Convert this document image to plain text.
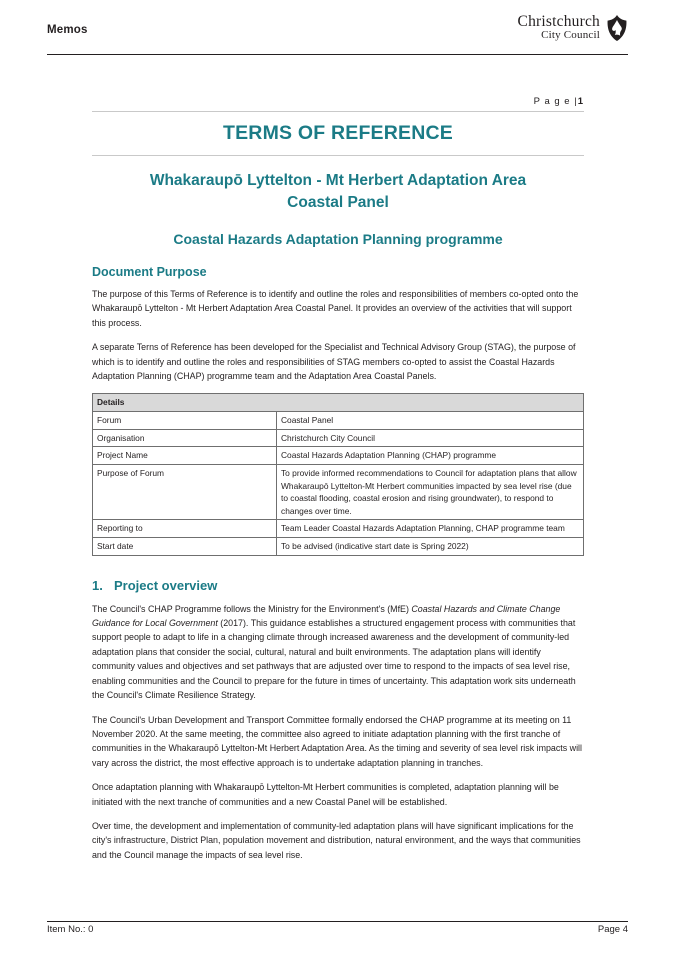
Memos	Christchurch
City Council
P a g e |1
TERMS OF REFERENCE
Whakaraupō Lyttelton - Mt Herbert Adaptation Area
Coastal Panel
Coastal Hazards Adaptation Planning programme
Document Purpose

The purpose of this Terms of Reference is to identify and outline the roles and responsibilities of members co-opted onto the Whakaraupō Lyttelton - Mt Herbert Adaptation Area Coastal Panel. It provides an overview of the activities that will support this process.

A separate Terns of Reference has been developed for the Specialist and Technical Advisory Group (STAG), the purpose of which is to identify and outline the roles and responsibilities of STAG members co-opted to assist the Coastal Hazards Adaptation Planning (CHAP) programme team and the Adaptation Area Coastal Panels.

Details	
Forum	Coastal Panel
Organisation	Christchurch City Council
Project Name	Coastal Hazards Adaptation Planning (CHAP) programme
Purpose of Forum	To provide informed recommendations to Council for adaptation plans that allow Whakaraupō Lyttelton-Mt Herbert communities impacted by sea level rise (due to coastal flooding, coastal erosion and rising groundwater), to respond to changes over time.
Reporting to	Team Leader Coastal Hazards Adaptation Planning, CHAP programme team
Start date	To be advised (indicative start date is Spring 2022)
1. Project overview

The Council's CHAP Programme follows the Ministry for the Environment's (MfE) Coastal Hazards and Climate Change Guidance for Local Government (2017). This guidance establishes a structured engagement process with communities that support people to adapt to life in a changing climate through increased awareness and the development of community-led adaptation plans that consider the social, cultural, natural and built environments. The adaptation plans will identify community values and objectives and set pathways that are adjusted over time to respond to the impacts of sea level rise, enabling communities and the Council to prepare for the future in times of uncertainty. This adaptation work sits underneath the Council's Climate Resilience Strategy.

The Council's Urban Development and Transport Committee formally endorsed the CHAP programme at its meeting on 11 November 2020. At the same meeting, the committee also agreed to initiate adaptation planning with the first tranche of communities in the Whakaraupō Lyttelton-Mt Herbert Adaptation Area. As the timing and severity of sea level risk impacts will vary across the district, the most effective approach is to undertake adaptation planning in tranches.

Once adaptation planning with Whakaraupō Lyttelton-Mt Herbert communities is completed, adaptation planning will be initiated with the next tranche of communities and a new Coastal Panel will be established.

Over time, the development and implementation of community-led adaptation plans will have significant implications for the city's infrastructure, District Plan, population movement and distribution, natural environment, and the ways that communities and the Council manage the impacts of sea level rise.

Item No.: 0	Page 4
